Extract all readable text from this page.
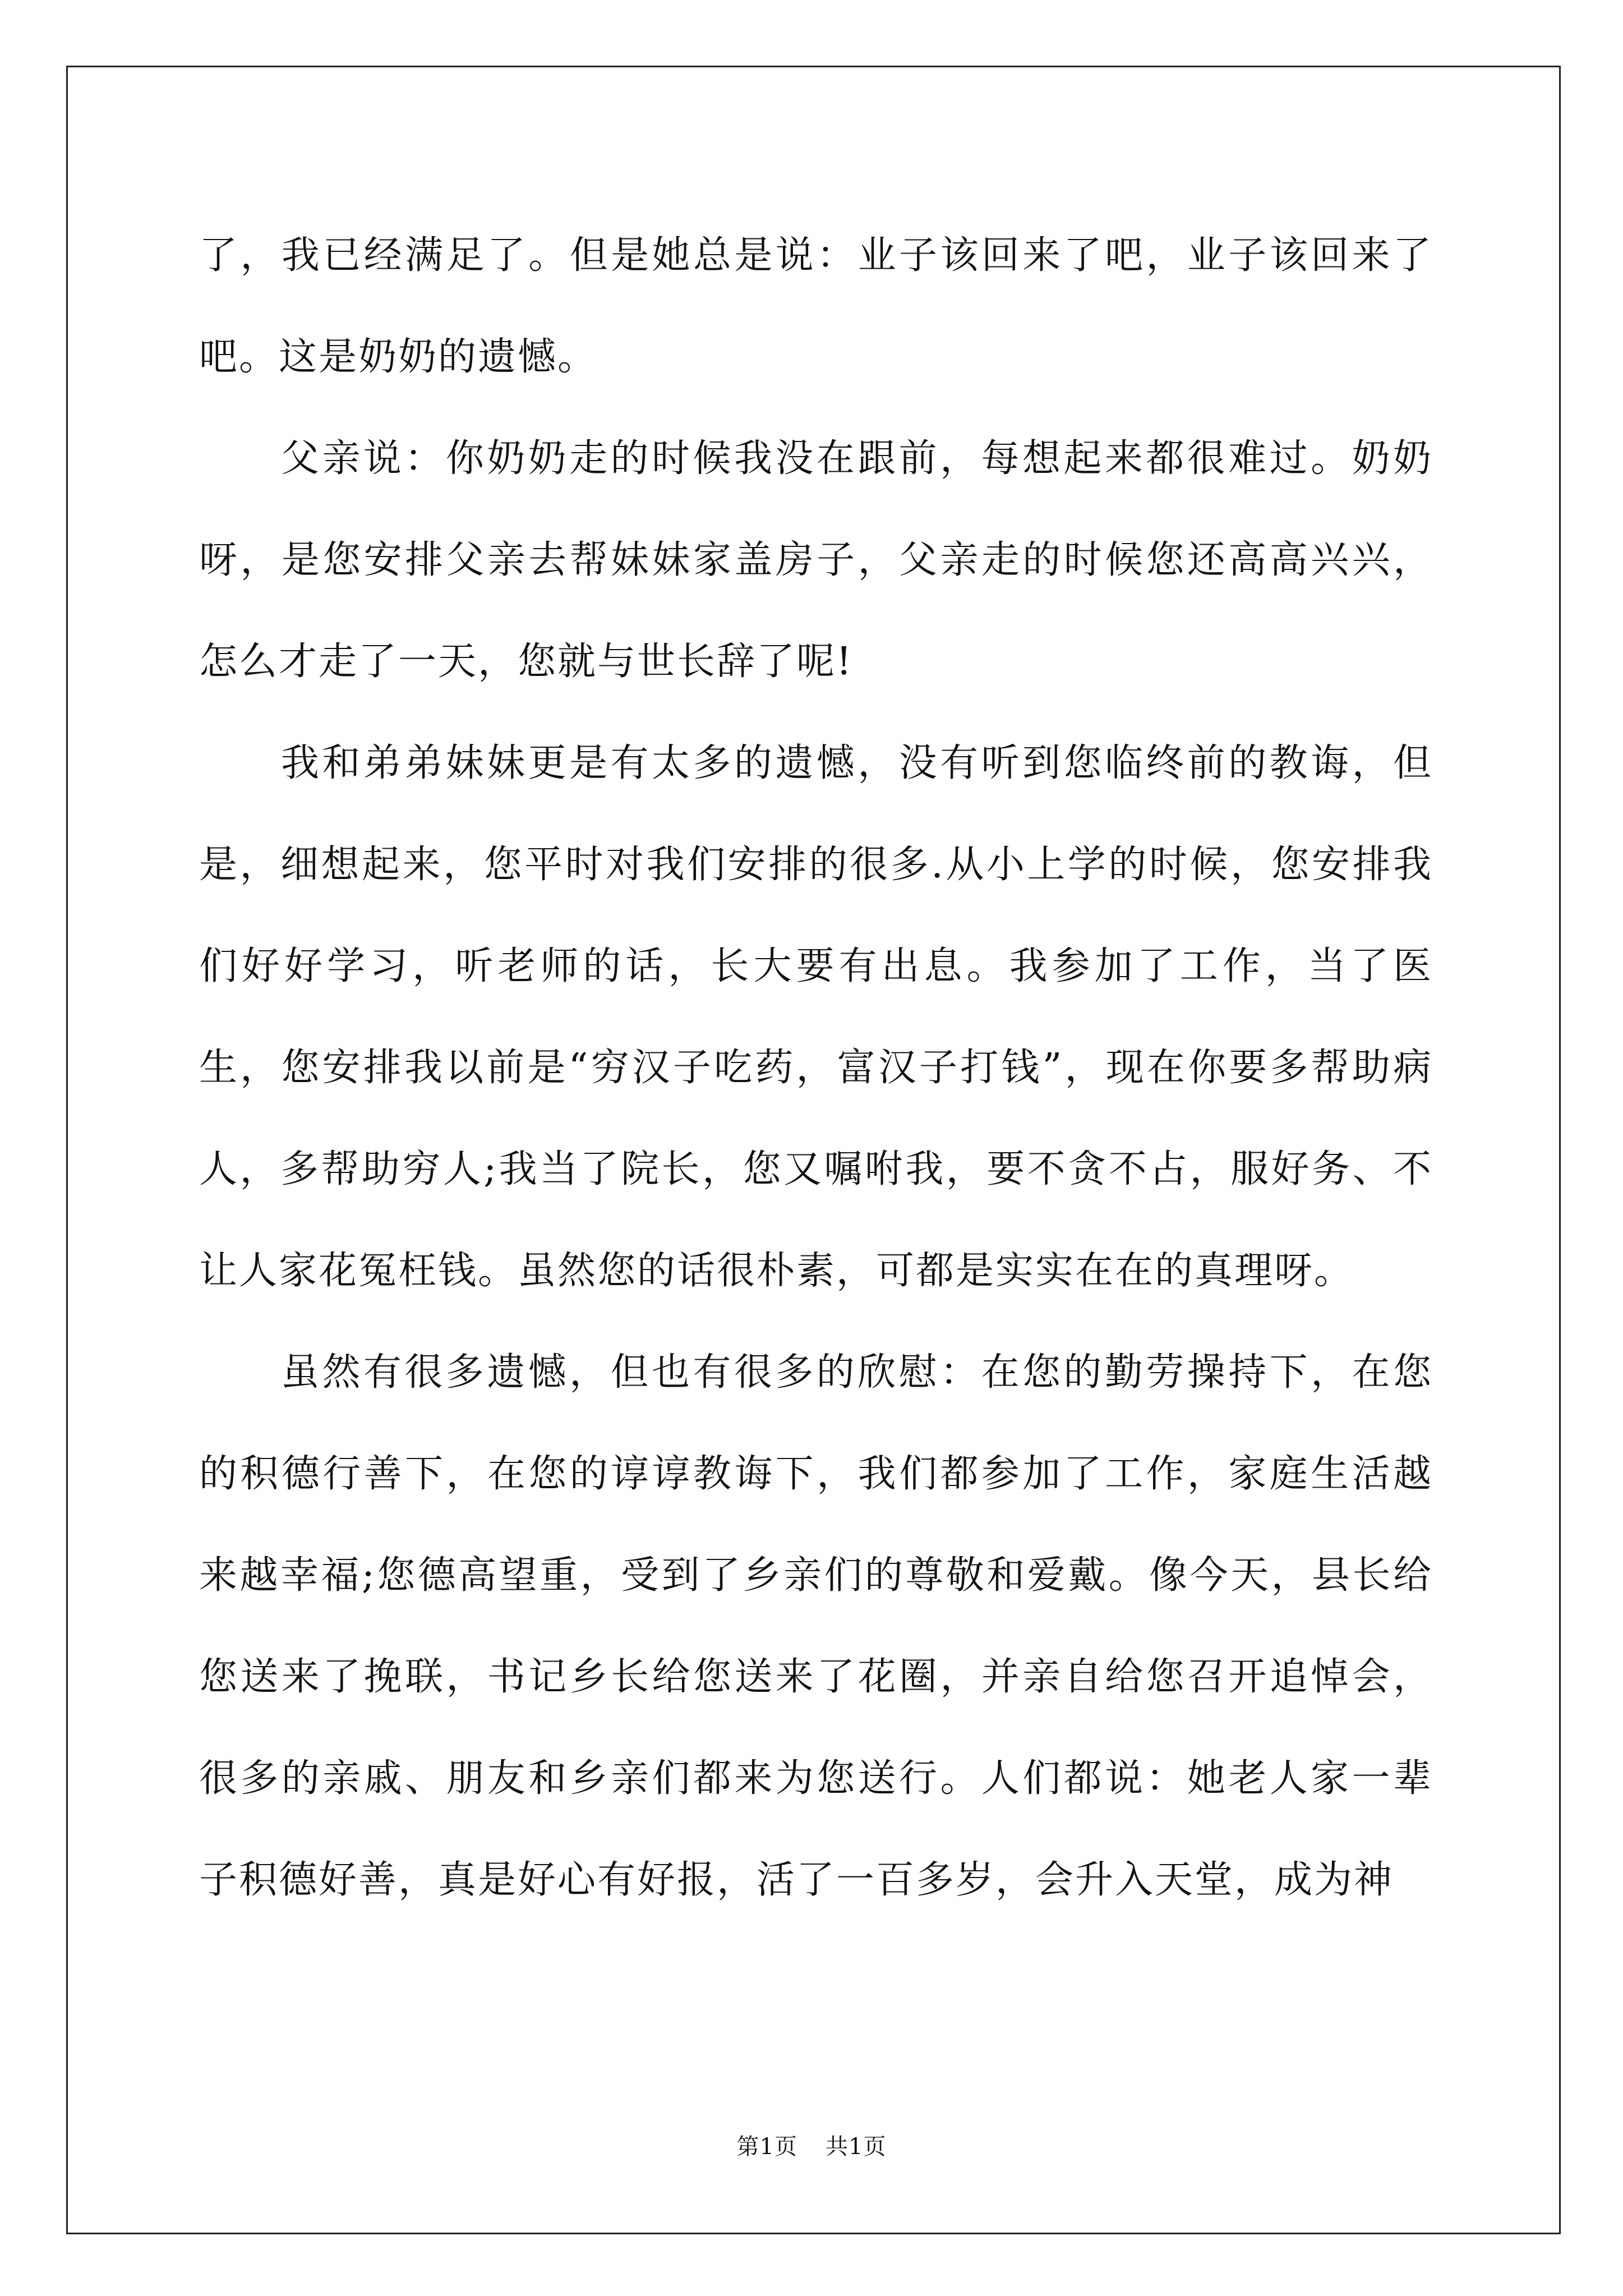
了，我已经满足了。但是她总是说：业子该回来了吧，业子该回来了吧。这是奶奶的遗憾。

父亲说：你奶奶走的时候我没在跟前，每想起来都很难过。奶奶呀，是您安排父亲去帮妹妹家盖房子，父亲走的时候您还高高兴兴，怎么才走了一天，您就与世长辞了呢!

我和弟弟妹妹更是有太多的遗憾，没有听到您临终前的教诲，但是，细想起来，您平时对我们安排的很多.从小上学的时候，您安排我们好好学习，听老师的话，长大要有出息。我参加了工作，当了医生，您安排我以前是“穷汉子吃药，富汉子打钱”，现在你要多帮助病人，多帮助穷人;我当了院长，您又嘱咐我，要不贪不占，服好务、不让人家花冤枉钱。虽然您的话很朴素，可都是实实在在的真理呀。

虽然有很多遗憾，但也有很多的欣慰：在您的勤劳操持下，在您的积德行善下，在您的谆谆教诲下，我们都参加了工作，家庭生活越来越幸福;您德高望重，受到了乡亲们的尊敬和爱戴。像今天，县长给您送来了挽联，书记乡长给您送来了花圈，并亲自给您召开追悼会，很多的亲戚、朋友和乡亲们都来为您送行。人们都说：她老人家一辈子积德好善，真是好心有好报，活了一百多岁，会升入天堂，成为神

第1页 共1页
